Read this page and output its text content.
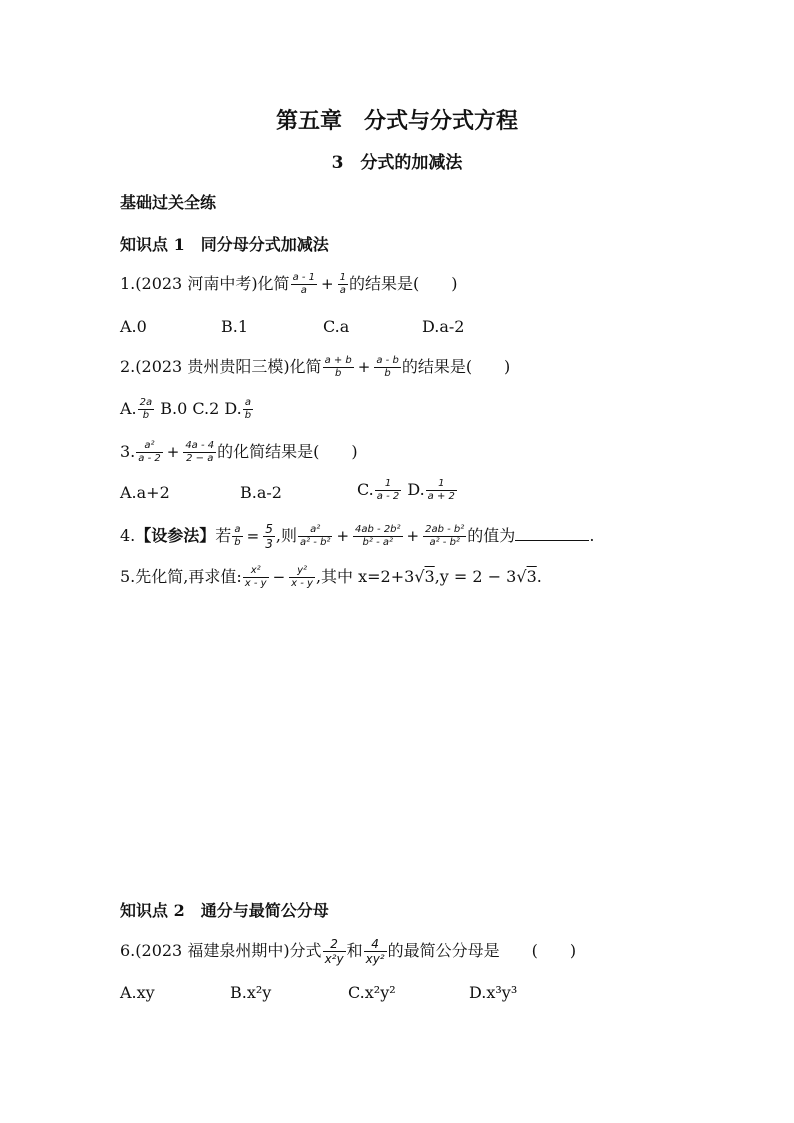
第五章　分式与分式方程
3　分式的加减法
基础过关全练
知识点 1　同分母分式加减法
1.(2023 河南中考)化简 $\frac{a - 1}{a} + \frac{1}{a}$ 的结果是(　　)
A.0	B.1	C.a	D.a-2
2.(2023 贵州贵阳三模)化简 $\frac{a + b}{b} + \frac{a - b}{b}$ 的结果是(　　)
A. $\frac{2a}{b} B.0$ C.2 D. $\frac{a}{b}$
3. $\frac{\text{a²}}{a - 2} + \frac{4a - 4}{2 - a}$ 的化简结果是(　　)
A.a+2	B.a-2	C. $\frac{1}{a - 2} D$. $\frac{1}{a + 2}$
4.【设参法】若 $\frac{a}{b} = \frac{5}{3}$ ,则 $\frac{\text{a²}}{\text{a² - b²}} + \frac{\text{4ab - 2b²}}{\text{b² - a²}} + \frac{\text{2ab - b²}}{\text{a² - b²}}$ 的值为	.
5.先化简,再求值: $\frac{\text{x²}}{x - y} - \frac{\text{y²}}{x - y}$ ,其中 x=2+3√3,y = 2 − 3√3.
知识点 2　通分与最简公分母
6.(2023 福建泉州期中)分式 $\frac{2}{\text{x²y}}$ 和 $\frac{4}{\text{xy²}}$ 的最简公分母是　　(　　)
A.xy	B.x²y	C.x²y²	D.x³y³
